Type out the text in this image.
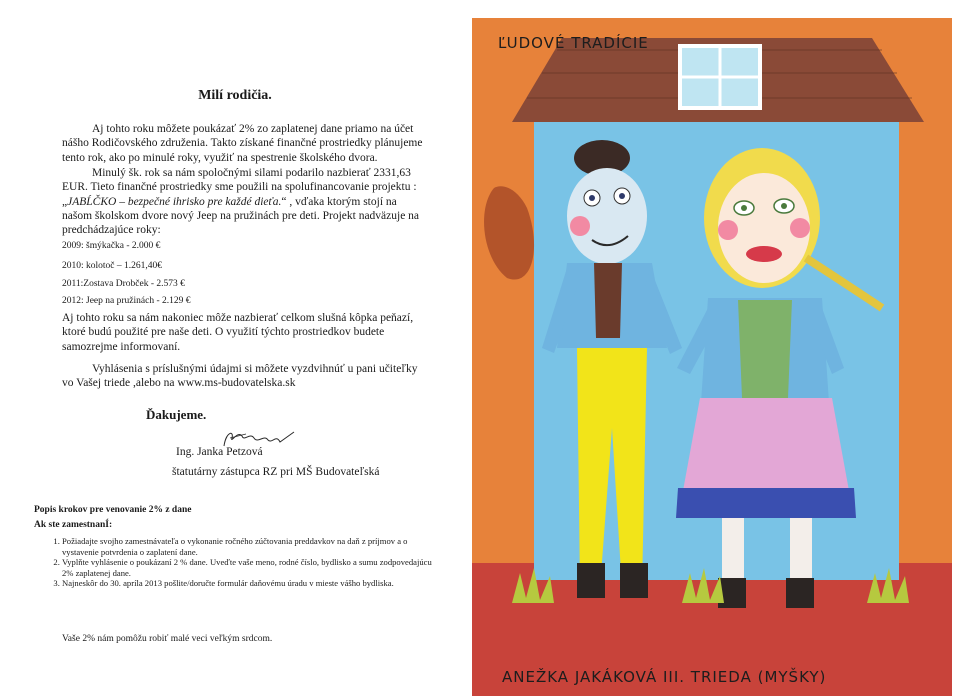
Milí rodičia.

Aj tohto roku môžete poukázať 2% zo zaplatenej dane priamo na účet nášho Rodičovského združenia. Takto získané finančné prostriedky plánujeme tento rok, ako po minulé roky, využiť na spestrenie školského dvora.

Minulý šk. rok sa nám spoločnými silami podarilo nazbierať 2331,63 EUR. Tieto finančné prostriedky sme použili na spolufinancovanie projektu : „JABĹČKO – bezpečné ihrisko pre každé dieťa.“ , vďaka ktorým stojí na našom školskom dvore nový Jeep na pružinách pre deti. Projekt nadväzuje na predchádzajúce roky:

2009: šmýkačka - 2.000 €
2010: kolotoč – 1.261,40€
2011:Zostava Drobček - 2.573 €
2012: Jeep na pružinách - 2.129 €

Aj tohto roku sa nám nakoniec môže nazbierať celkom slušná kôpka peňazí, ktoré budú použité pre naše deti. O využití týchto prostriedkov budete samozrejme informovaní.

Vyhlásenia s príslušnými údajmi si môžete vyzdvihnúť u pani učiteľky vo Vašej triede ,alebo na www.ms-budovatelska.sk

Ďakujeme.
Ing. Janka Petzová
štatutárny zástupca RZ pri MŠ Budovateľská
Popis krokov pre venovanie 2% z dane
Ak ste zamestnanÍ:
1. Požiadajte svojho zamestnávateľa o vykonanie ročného zúčtovania preddavkov na daň z príjmov a o vystavenie potvrdenia o zaplatení dane.
2. Vyplňte vyhlásenie o poukázaní 2 % dane. Uveďte vaše meno, rodné číslo, bydlisko a sumu zodpovedajúcu 2% zaplatenej dane.
3. Najneskôr do 30. apríla 2013 pošlite/doručte formulár daňovému úradu v mieste vášho bydliska.
Vaše 2% nám pomôžu robiť malé veci veľkým srdcom.
ĽUDOVÉ TRADÍCIE
ANEŽKA JAKÁKOVÁ III. TRIEDA (MYŠKY)
